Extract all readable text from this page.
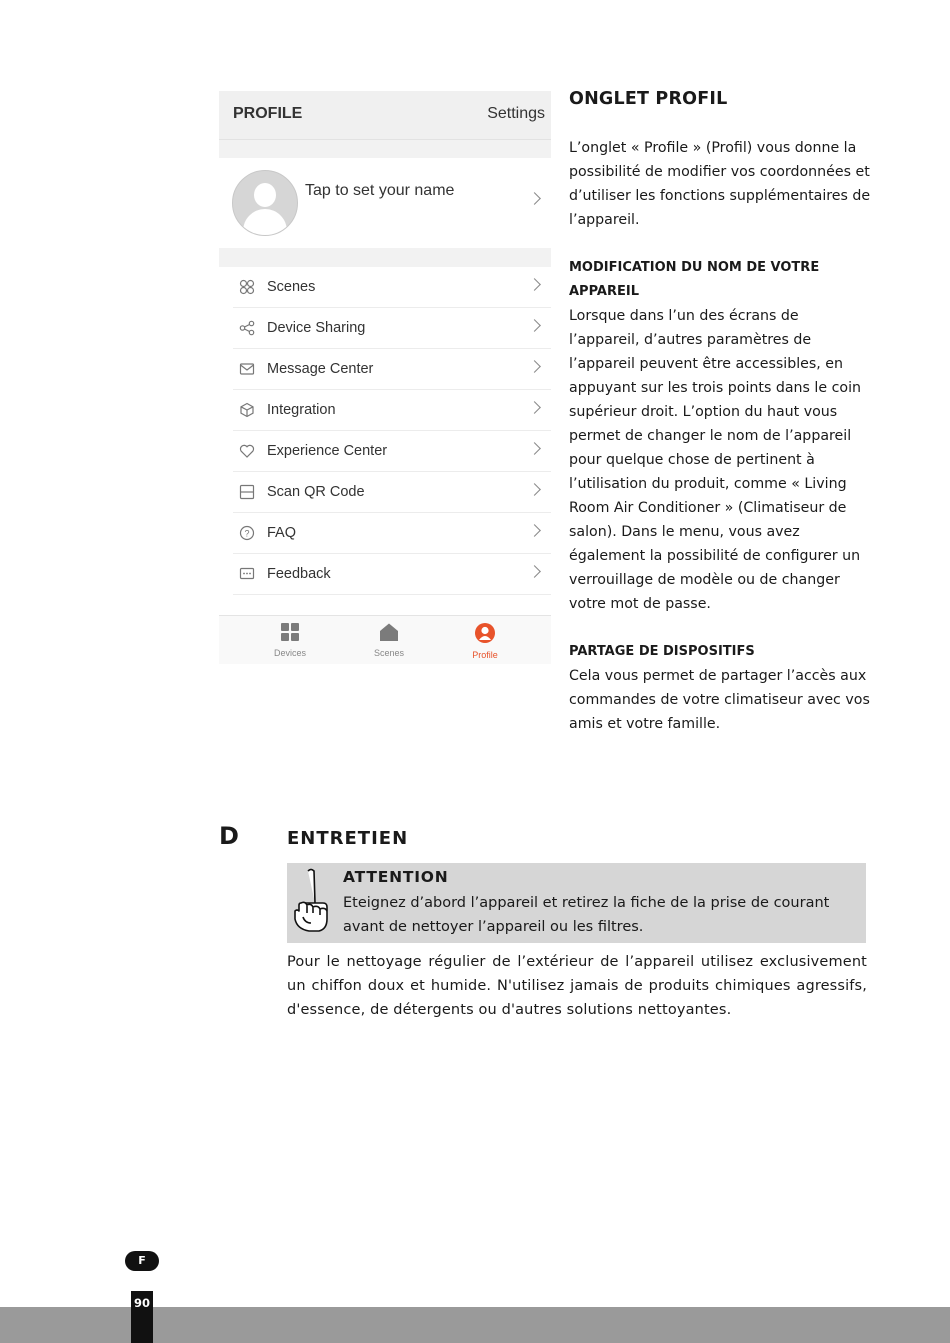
PROFILE	Settings
Tap to set your name
Scenes
Device Sharing
Message Center
Integration
Experience Center
Scan QR Code
? FAQ
Feedback
Devices	Scenes	Profile
ONGLET PROFIL

L’onglet « Profile » (Profil) vous donne la possibilité de modifier vos coordonnées et d’utiliser les fonctions supplémentaires de l’appareil.

MODIFICATION DU NOM DE VOTRE APPAREIL

Lorsque dans l’un des écrans de l’appareil, d’autres paramètres de l’appareil peuvent être accessibles, en appuyant sur les trois points dans le coin supérieur droit. L’option du haut vous permet de changer le nom de l’appareil pour quelque chose de pertinent à l’utilisation du produit, comme « Living Room Air Conditioner » (Climatiseur de salon). Dans le menu, vous avez également la possibilité de configurer un verrouillage de modèle ou de changer votre mot de passe.

PARTAGE DE DISPOSITIFS

Cela vous permet de partager l’accès aux commandes de votre climatiseur avec vos amis et votre famille.

D	ENTRETIEN
ATTENTION
Eteignez d’abord l’appareil et retirez la fiche de la prise de courant avant de nettoyer l’appareil ou les filtres.
Pour le nettoyage régulier de l’extérieur de l’appareil utilisez exclusivement un chiffon doux et humide. N'utilisez jamais de produits chimiques agressifs, d'essence, de détergents ou d'autres solutions nettoyantes.
F
90
